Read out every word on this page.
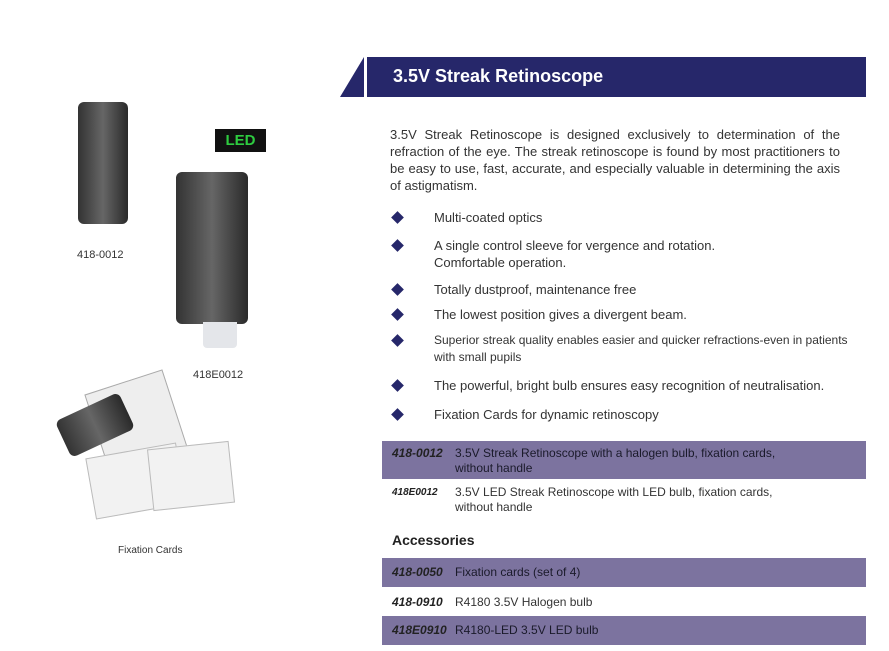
3.5V Streak Retinoscope
3.5V Streak Retinoscope is designed exclusively to determination of the refraction of the eye. The streak retinoscope is found by most practitioners to be easy to use, fast, accurate, and especially valuable in determining the axis of astigmatism.
Multi-coated optics
A single control sleeve for vergence and rotation. Comfortable operation.
Totally dustproof, maintenance free
The lowest position gives a divergent beam.
Superior streak quality enables easier and quicker refractions-even in patients with small pupils
The powerful, bright bulb ensures easy recognition of neutralisation.
Fixation Cards for dynamic retinoscopy
418-0012 3.5V Streak Retinoscope with a halogen bulb, fixation cards,
without handle
418E0012 3.5V LED Streak Retinoscope with LED bulb, fixation cards,
without handle
Accessories
418-0050 Fixation cards (set of 4)
418-0910 R4180 3.5V Halogen bulb
418E0910 R4180-LED 3.5V LED bulb
418-0012
LED
418E0012
Fixation Cards
